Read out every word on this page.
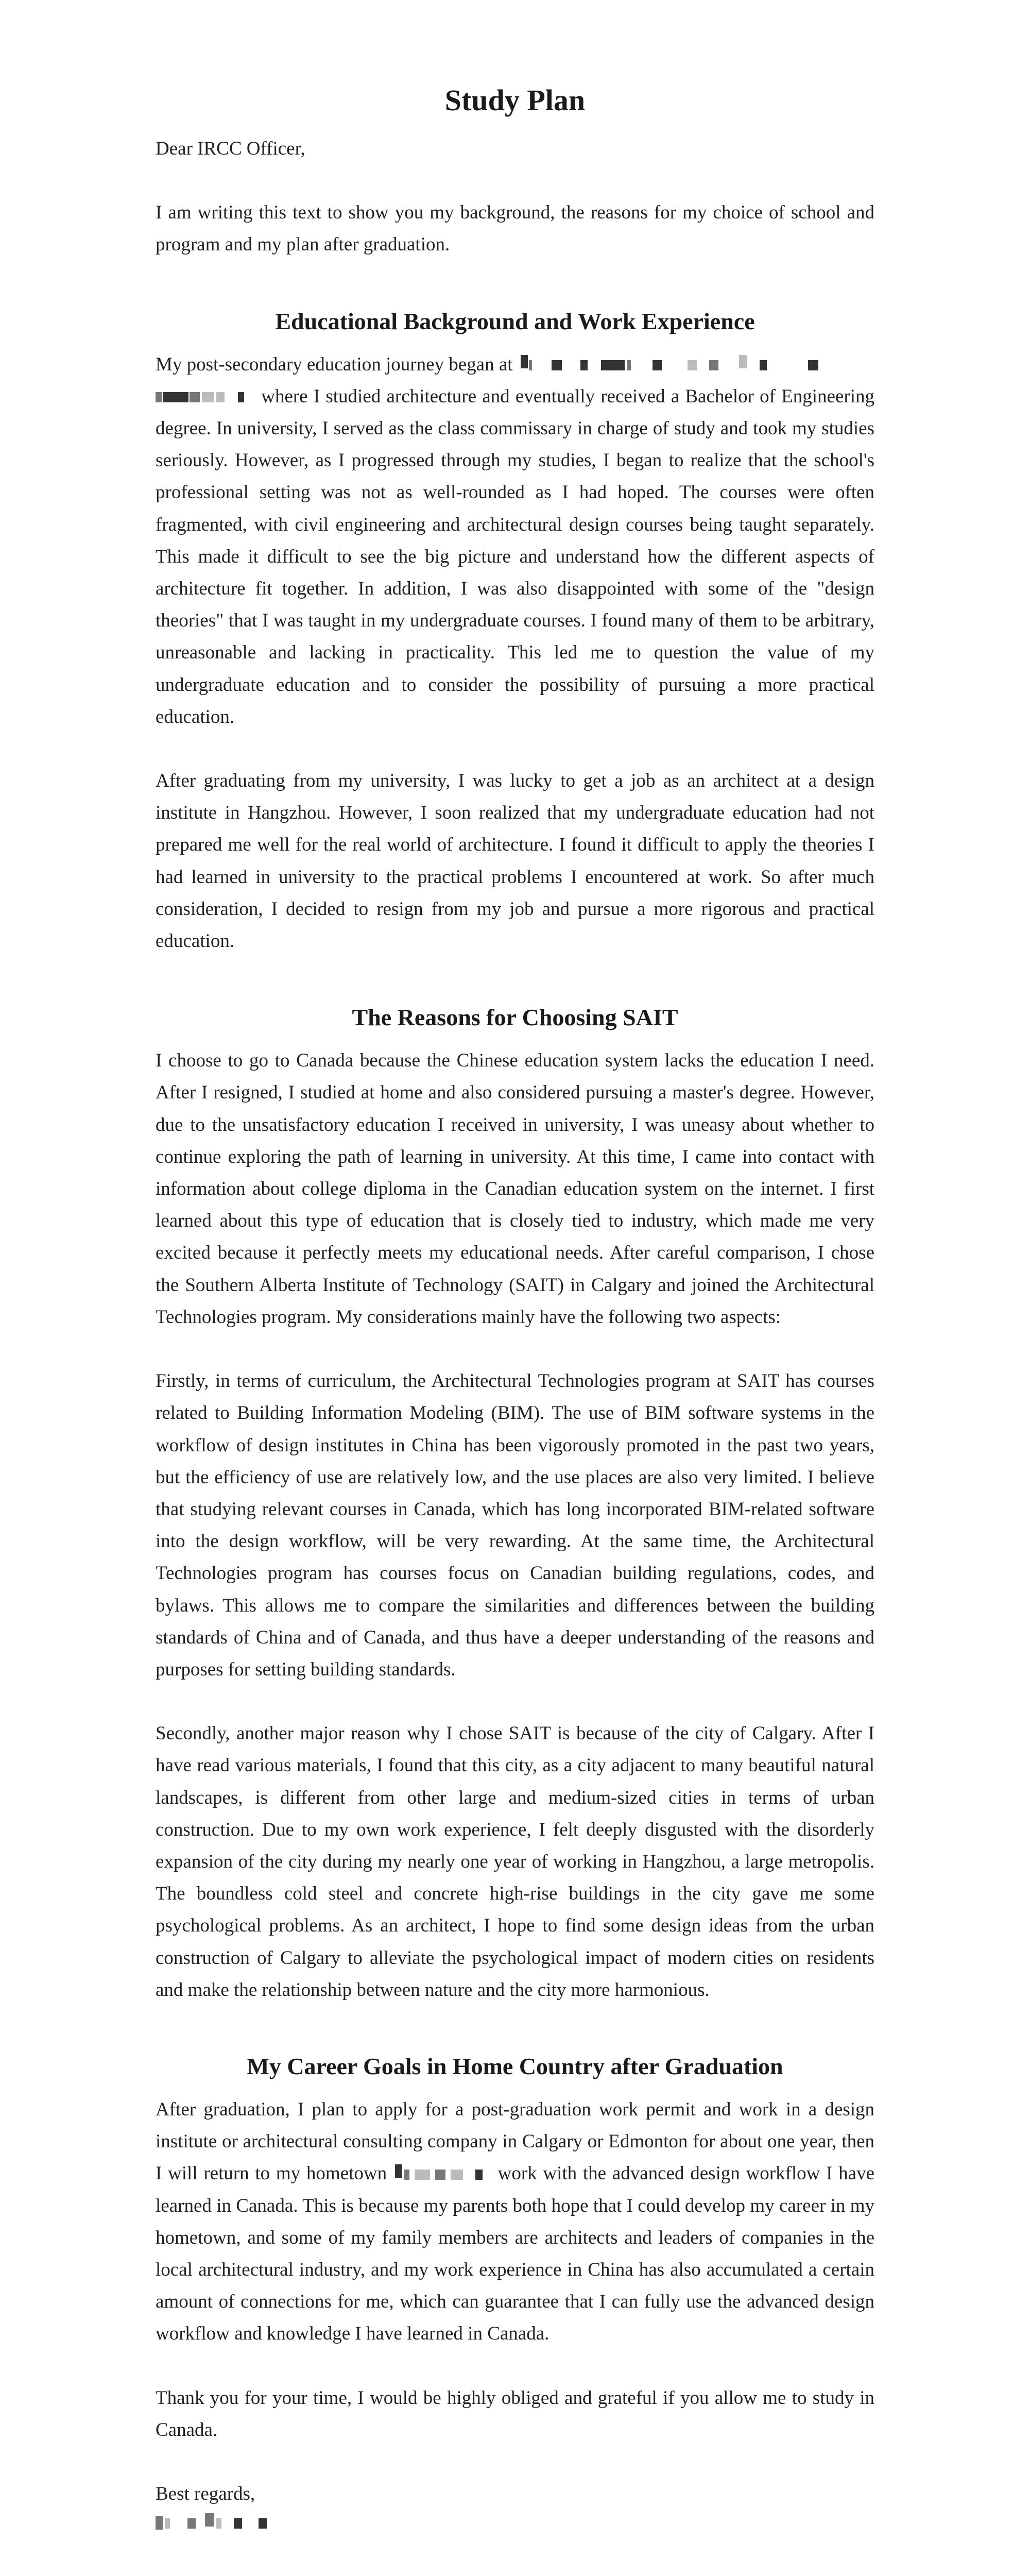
Study Plan

Dear IRCC Officer,

I am writing this text to show you my background, the reasons for my choice of school and program and my plan after graduation.

Educational Background and Work Experience

My post-secondary education journey began at

where I studied architecture and eventually received a Bachelor of Engineering degree. In university, I served as the class commissary in charge of study and took my studies seriously. However, as I progressed through my studies, I began to realize that the school's professional setting was not as well-rounded as I had hoped. The courses were often fragmented, with civil engineering and architectural design courses being taught separately. This made it difficult to see the big picture and understand how the different aspects of architecture fit together. In addition, I was also disappointed with some of the "design theories" that I was taught in my undergraduate courses. I found many of them to be arbitrary, unreasonable and lacking in practicality. This led me to question the value of my undergraduate education and to consider the possibility of pursuing a more practical education.

After graduating from my university, I was lucky to get a job as an architect at a design institute in Hangzhou. However, I soon realized that my undergraduate education had not prepared me well for the real world of architecture. I found it difficult to apply the theories I had learned in university to the practical problems I encountered at work. So after much consideration, I decided to resign from my job and pursue a more rigorous and practical education.

The Reasons for Choosing SAIT

I choose to go to Canada because the Chinese education system lacks the education I need. After I resigned, I studied at home and also considered pursuing a master's degree. However, due to the unsatisfactory education I received in university, I was uneasy about whether to continue exploring the path of learning in university. At this time, I came into contact with information about college diploma in the Canadian education system on the internet. I first learned about this type of education that is closely tied to industry, which made me very excited because it perfectly meets my educational needs. After careful comparison, I chose the Southern Alberta Institute of Technology (SAIT) in Calgary and joined the Architectural Technologies program. My considerations mainly have the following two aspects:

Firstly, in terms of curriculum, the Architectural Technologies program at SAIT has courses related to Building Information Modeling (BIM). The use of BIM software systems in the workflow of design institutes in China has been vigorously promoted in the past two years, but the efficiency of use are relatively low, and the use places are also very limited. I believe that studying relevant courses in Canada, which has long incorporated BIM-related software into the design workflow, will be very rewarding. At the same time, the Architectural Technologies program has courses focus on Canadian building regulations, codes, and bylaws. This allows me to compare the similarities and differences between the building standards of China and of Canada, and thus have a deeper understanding of the reasons and purposes for setting building standards.

Secondly, another major reason why I chose SAIT is because of the city of Calgary. After I have read various materials, I found that this city, as a city adjacent to many beautiful natural landscapes, is different from other large and medium-sized cities in terms of urban construction. Due to my own work experience, I felt deeply disgusted with the disorderly expansion of the city during my nearly one year of working in Hangzhou, a large metropolis. The boundless cold steel and concrete high-rise buildings in the city gave me some psychological problems. As an architect, I hope to find some design ideas from the urban construction of Calgary to alleviate the psychological impact of modern cities on residents and make the relationship between nature and the city more harmonious.

My Career Goals in Home Country after Graduation

After graduation, I plan to apply for a post-graduation work permit and work in a design institute or architectural consulting company in Calgary or Edmonton for about one year, then I will return to my hometown	work with the advanced design workflow I have learned in Canada. This is because my parents both hope that I could develop my career in my hometown, and some of my family members are architects and leaders of companies in the local architectural industry, and my work experience in China has also accumulated a certain amount of connections for me, which can guarantee that I can fully use the advanced design workflow and knowledge I have learned in Canada.

Thank you for your time, I would be highly obliged and grateful if you allow me to study in Canada.

Best regards,
